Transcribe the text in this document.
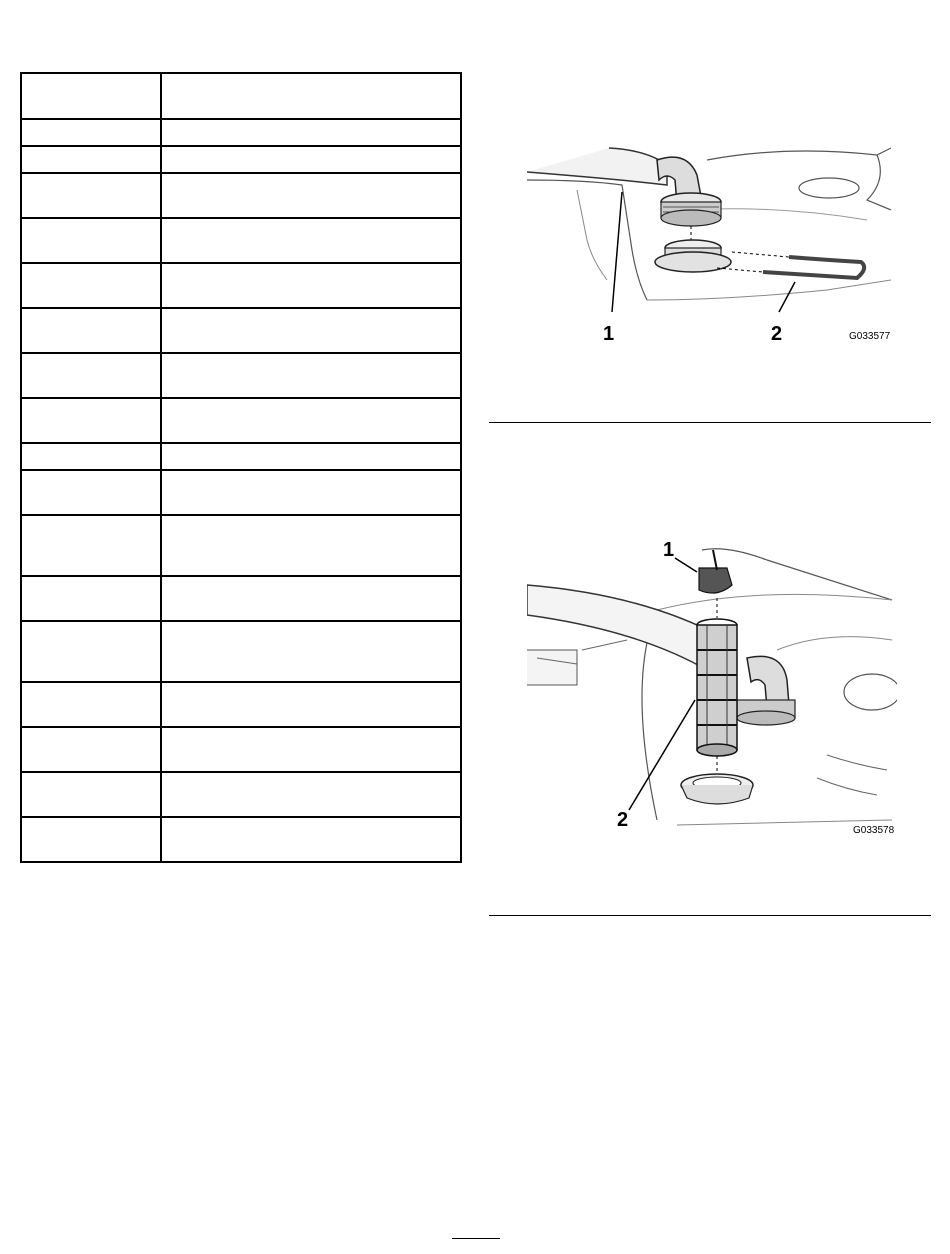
1	2	G033577
1
2	G033578
